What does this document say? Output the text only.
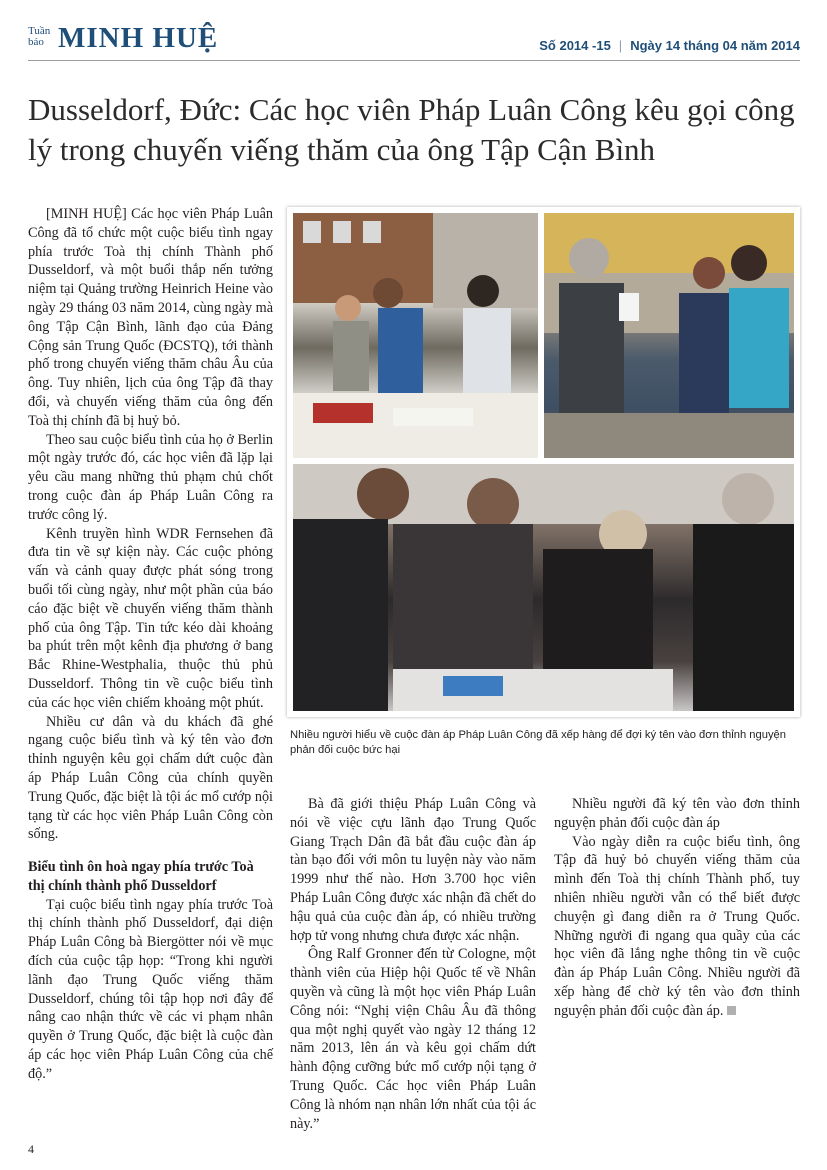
Tuần
báo MINH HUỆ	Số 2014 -15 | Ngày 14 tháng 04 năm 2014
Dusseldorf, Đức: Các học viên Pháp Luân Công kêu gọi công lý trong chuyến viếng thăm của ông Tập Cận Bình

[MINH HUỆ] Các học viên Pháp Luân Công đã tổ chức một cuộc biểu tình ngay phía trước Toà thị chính Thành phố Dusseldorf, và một buổi thắp nến tưởng niệm tại Quảng trường Heinrich Heine vào ngày 29 tháng 03 năm 2014, cùng ngày mà ông Tập Cận Bình, lãnh đạo của Đảng Cộng sản Trung Quốc (ĐCSTQ), tới thành phố trong chuyến viếng thăm châu Âu của ông. Tuy nhiên, lịch của ông Tập đã thay đổi, và chuyến viếng thăm của ông đến Toà thị chính đã bị huỷ bỏ.

Theo sau cuộc biểu tình của họ ở Berlin một ngày trước đó, các học viên đã lặp lại yêu cầu mang những thủ phạm chủ chốt trong cuộc đàn áp Pháp Luân Công ra trước công lý.

Kênh truyền hình WDR Fernsehen đã đưa tin về sự kiện này. Các cuộc phỏng vấn và cảnh quay được phát sóng trong buổi tối cùng ngày, như một phần của báo cáo đặc biệt về chuyến viếng thăm thành phố của ông Tập. Tin tức kéo dài khoảng ba phút trên một kênh địa phương ở bang Bắc Rhine-Westphalia, thuộc thủ phủ Dusseldorf. Thông tin về cuộc biểu tình của các học viên chiếm khoảng một phút.

Nhiều cư dân và du khách đã ghé ngang cuộc biểu tình và ký tên vào đơn thỉnh nguyện kêu gọi chấm dứt cuộc đàn áp Pháp Luân Công của chính quyền Trung Quốc, đặc biệt là tội ác mổ cướp nội tạng từ các học viên Pháp Luân Công còn sống.

Biểu tình ôn hoà ngay phía trước Toà thị chính thành phố Dusseldorf

Tại cuộc biểu tình ngay phía trước Toà thị chính thành phố Dusseldorf, đại diện Pháp Luân Công bà Biergötter nói về mục đích của cuộc tập họp: “Trong khi người lãnh đạo Trung Quốc viếng thăm Dusseldorf, chúng tôi tập họp nơi đây để nâng cao nhận thức về các vi phạm nhân quyền ở Trung Quốc, đặc biệt là cuộc đàn áp các học viên Pháp Luân Công của chế độ.”

Nhiều người hiểu về cuộc đàn áp Pháp Luân Công đã xếp hàng để đợi ký tên vào đơn thỉnh nguyện phản đối cuộc bức hại

Bà đã giới thiệu Pháp Luân Công và nói về việc cựu lãnh đạo Trung Quốc Giang Trạch Dân đã bắt đầu cuộc đàn áp tàn bạo đối với môn tu luyện này vào năm 1999 như thế nào. Hơn 3.700 học viên Pháp Luân Công được xác nhận đã chết do hậu quả của cuộc đàn áp, có nhiều trường hợp tử vong nhưng chưa được xác nhận.

Ông Ralf Gronner đến từ Cologne, một thành viên của Hiệp hội Quốc tế về Nhân quyền và cũng là một học viên Pháp Luân Công nói: “Nghị viện Châu Âu đã thông qua một nghị quyết vào ngày 12 tháng 12 năm 2013, lên án và kêu gọi chấm dứt hành động cưỡng bức mổ cướp nội tạng ở Trung Quốc. Các học viên Pháp Luân Công là nhóm nạn nhân lớn nhất của tội ác này.”

Nhiều người đã ký tên vào đơn thỉnh nguyện phản đối cuộc đàn áp

Vào ngày diễn ra cuộc biểu tình, ông Tập đã huỷ bỏ chuyến viếng thăm của mình đến Toà thị chính Thành phố, tuy nhiên nhiều người vẫn có thể biết được chuyện gì đang diễn ra ở Trung Quốc. Những người đi ngang qua quầy của các học viên đã lắng nghe thông tin về cuộc đàn áp Pháp Luân Công. Nhiều người đã xếp hàng để chờ ký tên vào đơn thỉnh nguyện phản đối cuộc đàn áp.

4
